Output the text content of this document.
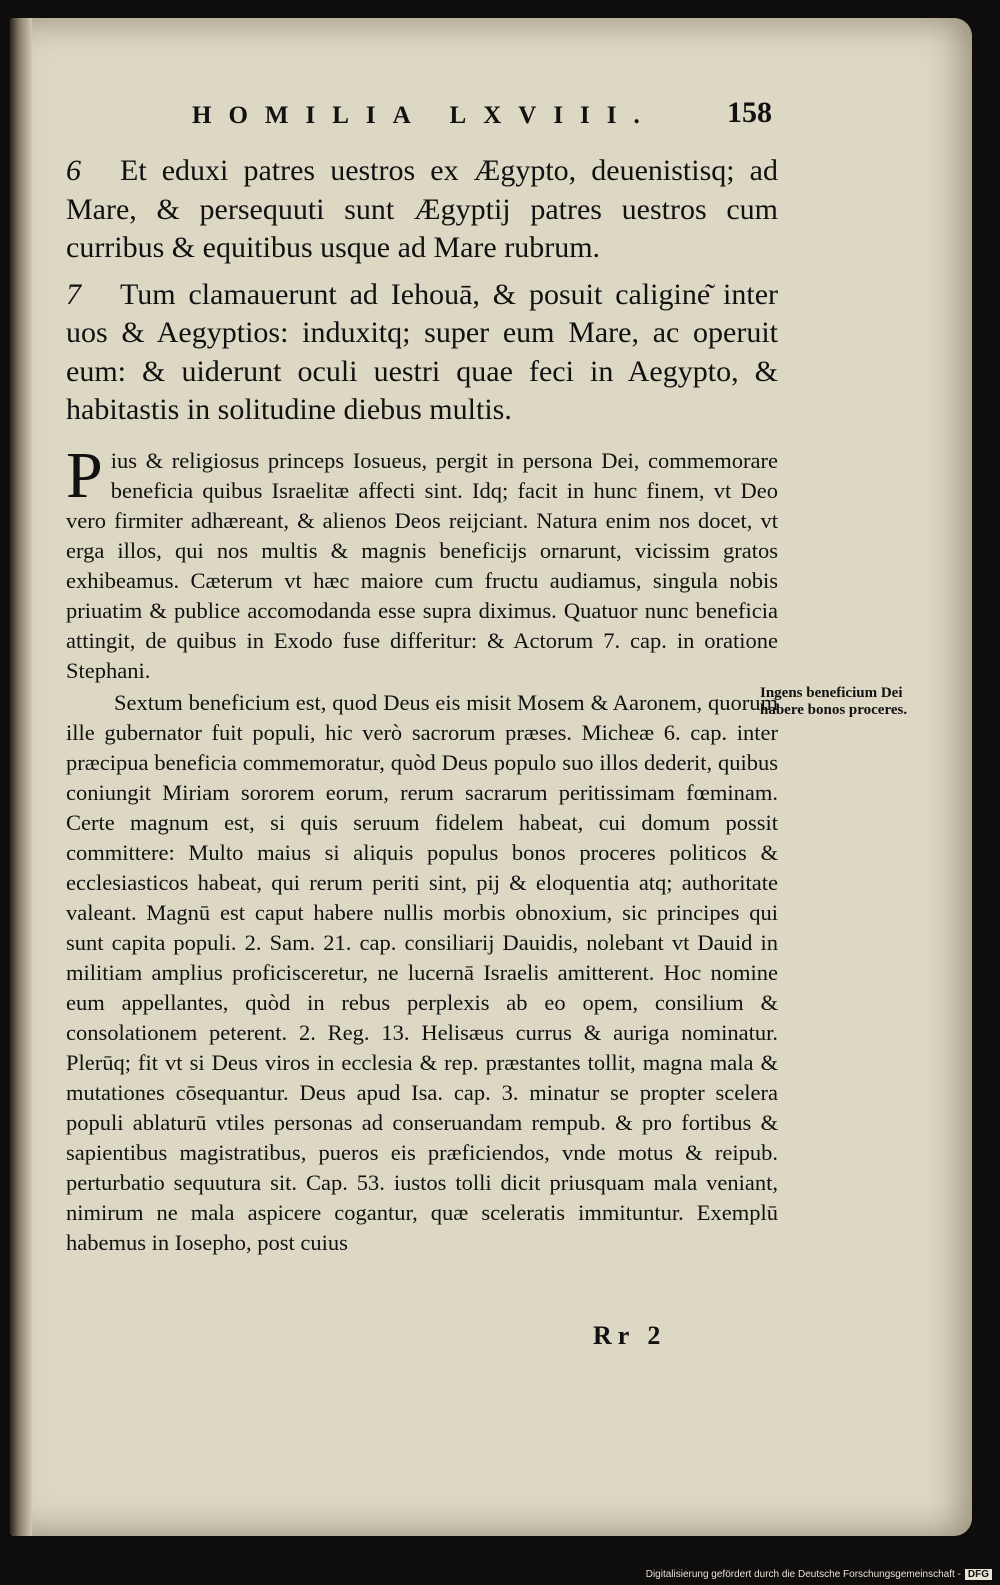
HOMILIA LXVIII. 158

6 Et eduxi patres uestros ex Ægypto, deuenistisq; ad Mare, & persequuti sunt Ægyptij patres uestros cum curribus & equitibus usque ad Mare rubrum.

7 Tum clamauerunt ad Iehouā, & posuit caligine͂ inter uos & Aegyptios: induxitq; super eum Mare, ac operuit eum: & uiderunt oculi uestri quae feci in Aegypto, & habitastis in solitudine diebus multis.

Pius & religiosus princeps Iosueus, pergit in persona Dei, commemorare beneficia quibus Israelitæ affecti sint. Idq; facit in hunc finem, vt Deo vero firmiter adhæreant, & alienos Deos reijciant. Natura enim nos docet, vt erga illos, qui nos multis & magnis beneficijs ornarunt, vicissim gratos exhibeamus. Cæterum vt hæc maiore cum fructu audiamus, singula nobis priuatim & publice accomodanda esse supra diximus. Quatuor nunc beneficia attingit, de quibus in Exodo fuse differitur: & Actorum 7. cap. in oratione Stephani.

Sextum beneficium est, quod Deus eis misit Mosem & Aaronem, quorum ille gubernator fuit populi, hic verò sacrorum præses. Micheæ 6. cap. inter præcipua beneficia commemoratur, quòd Deus populo suo illos dederit, quibus coniungit Miriam sororem eorum, rerum sacrarum peritissimam fœminam. Certe magnum est, si quis seruum fidelem habeat, cui domum possit committere: Multo maius si aliquis populus bonos proceres politicos & ecclesiasticos habeat, qui rerum periti sint, pij & eloquentia atq; authoritate valeant. Magnū est caput habere nullis morbis obnoxium, sic principes qui sunt capita populi. 2. Sam. 21. cap. consiliarij Dauidis, nolebant vt Dauid in militiam amplius proficisceretur, ne lucernā Israelis amitterent. Hoc nomine eum appellantes, quòd in rebus perplexis ab eo opem, consilium & consolationem peterent. 2. Reg. 13. Helisæus currus & auriga nominatur. Plerūq; fit vt si Deus viros in ecclesia & rep. præstantes tollit, magna mala & mutationes cōsequantur. Deus apud Isa. cap. 3. minatur se propter scelera populi ablaturū vtiles personas ad conseruandam rempub. & pro fortibus & sapientibus magistratibus, pueros eis præficiendos, vnde motus & reipub. perturbatio sequutura sit. Cap. 53. iustos tolli dicit priusquam mala veniant, nimirum ne mala aspicere cogantur, quæ sceleratis immituntur. Exemplū habemus in Iosepho, post cuius

Ingens beneficium Dei habere bonos proceres.
Rr 2
Digitalisierung gefördert durch die Deutsche Forschungsgemeinschaft - DFG
